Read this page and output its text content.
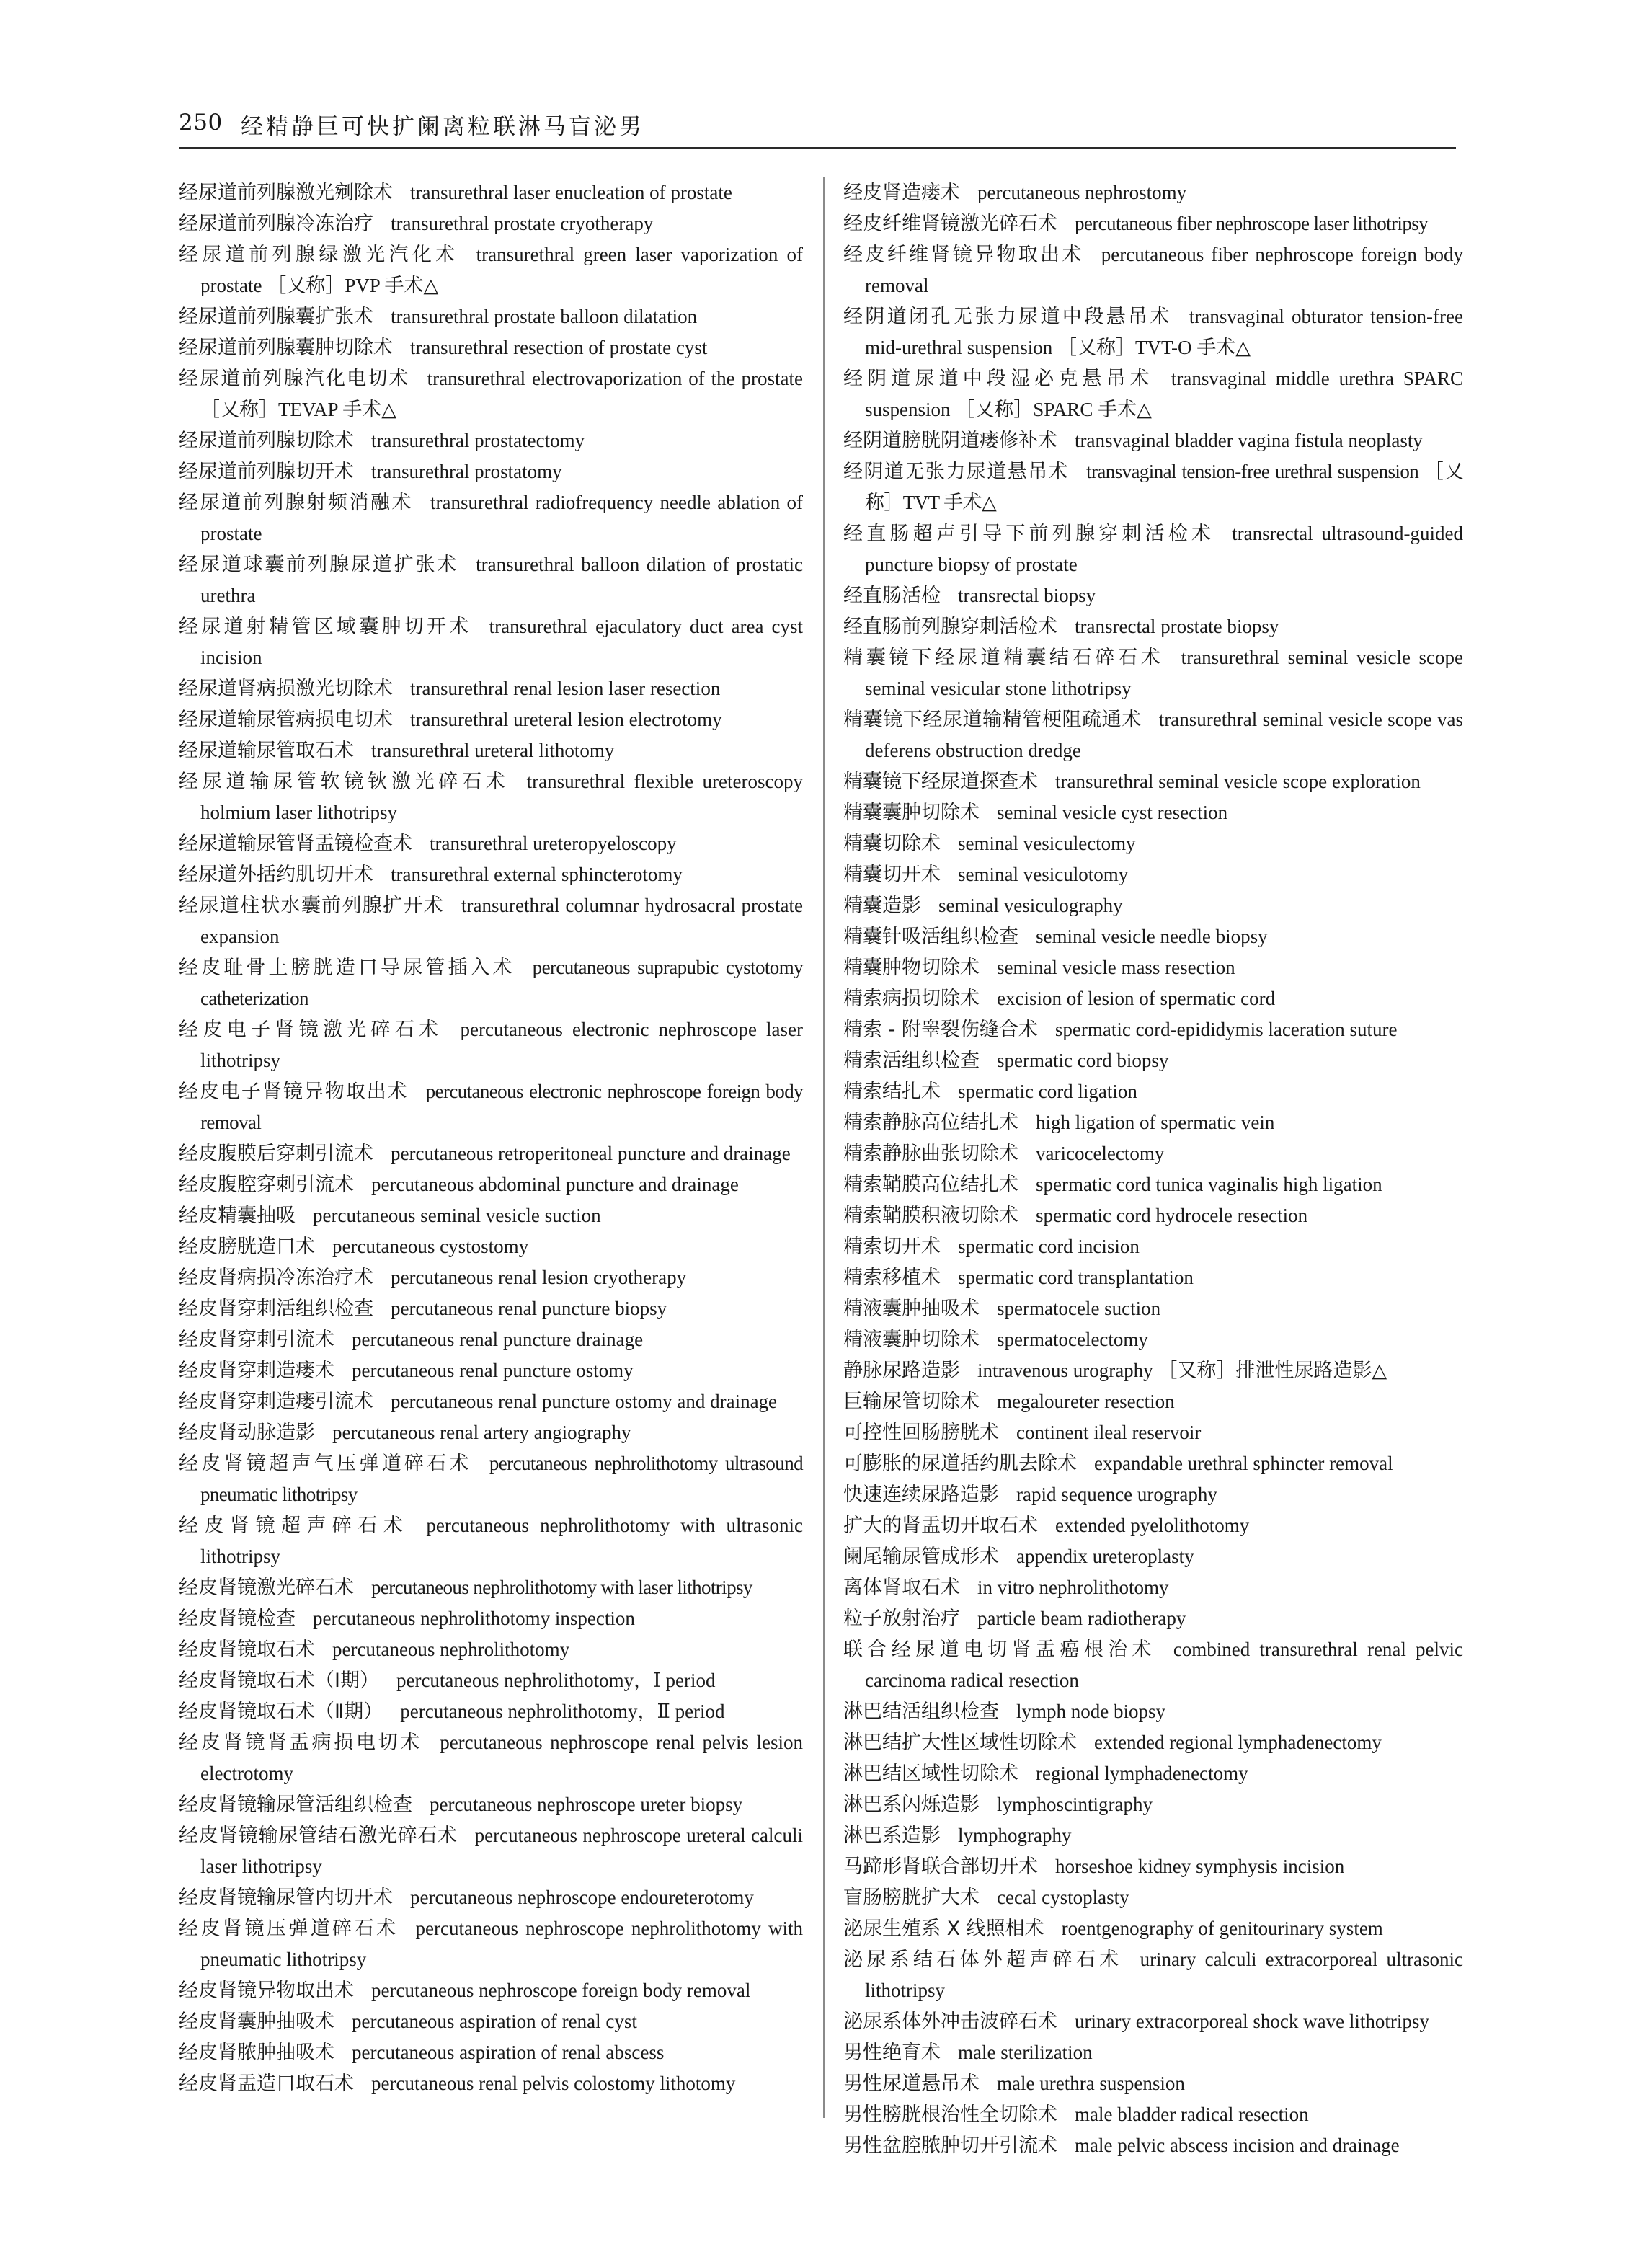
250 经精静巨可快扩阑离粒联淋马盲泌男
经尿道前列腺激光剜除术 transurethral laser enucleation of prostate
经尿道前列腺冷冻治疗 transurethral prostate cryotherapy
经尿道前列腺绿激光汽化术 transurethral green laser vaporization of prostate ［又称］PVP 手术△
经尿道前列腺囊扩张术 transurethral prostate balloon dilatation
经尿道前列腺囊肿切除术 transurethral resection of prostate cyst
经尿道前列腺汽化电切术 transurethral electrovaporization of the prostate ［又称］TEVAP 手术△
经尿道前列腺切除术 transurethral prostatectomy
经尿道前列腺切开术 transurethral prostatomy
经尿道前列腺射频消融术 transurethral radiofrequency needle ablation of prostate
经尿道球囊前列腺尿道扩张术 transurethral balloon dilation of prostatic urethra
经尿道射精管区域囊肿切开术 transurethral ejaculatory duct area cyst incision
经尿道肾病损激光切除术 transurethral renal lesion laser resection
经尿道输尿管病损电切术 transurethral ureteral lesion electrotomy
经尿道输尿管取石术 transurethral ureteral lithotomy
经尿道输尿管软镜钬激光碎石术 transurethral flexible ureteroscopy holmium laser lithotripsy
经尿道输尿管肾盂镜检查术 transurethral ureteropyeloscopy
经尿道外括约肌切开术 transurethral external sphincterotomy
经尿道柱状水囊前列腺扩开术 transurethral columnar hydrosacral prostate expansion
经皮耻骨上膀胱造口导尿管插入术 percutaneous suprapubic cystotomy catheterization
经皮电子肾镜激光碎石术 percutaneous electronic nephroscope laser lithotripsy
经皮电子肾镜异物取出术 percutaneous electronic nephroscope foreign body removal
经皮腹膜后穿刺引流术 percutaneous retroperitoneal puncture and drainage
经皮腹腔穿刺引流术 percutaneous abdominal puncture and drainage
经皮精囊抽吸 percutaneous seminal vesicle suction
经皮膀胱造口术 percutaneous cystostomy
经皮肾病损冷冻治疗术 percutaneous renal lesion cryotherapy
经皮肾穿刺活组织检查 percutaneous renal puncture biopsy
经皮肾穿刺引流术 percutaneous renal puncture drainage
经皮肾穿刺造瘘术 percutaneous renal puncture ostomy
经皮肾穿刺造瘘引流术 percutaneous renal puncture ostomy and drainage
经皮肾动脉造影 percutaneous renal artery angiography
经皮肾镜超声气压弹道碎石术 percutaneous nephrolithotomy ultrasound pneumatic lithotripsy
经皮肾镜超声碎石术 percutaneous nephrolithotomy with ultrasonic lithotripsy
经皮肾镜激光碎石术 percutaneous nephrolithotomy with laser lithotripsy
经皮肾镜检查 percutaneous nephrolithotomy inspection
经皮肾镜取石术 percutaneous nephrolithotomy
经皮肾镜取石术（Ⅰ期） percutaneous nephrolithotomy，Ⅰ period
经皮肾镜取石术（Ⅱ期） percutaneous nephrolithotomy，Ⅱ period
经皮肾镜肾盂病损电切术 percutaneous nephroscope renal pelvis lesion electrotomy
经皮肾镜输尿管活组织检查 percutaneous nephroscope ureter biopsy
经皮肾镜输尿管结石激光碎石术 percutaneous nephroscope ureteral calculi laser lithotripsy
经皮肾镜输尿管内切开术 percutaneous nephroscope endoureterotomy
经皮肾镜压弹道碎石术 percutaneous nephroscope nephrolithotomy with pneumatic lithotripsy
经皮肾镜异物取出术 percutaneous nephroscope foreign body removal
经皮肾囊肿抽吸术 percutaneous aspiration of renal cyst
经皮肾脓肿抽吸术 percutaneous aspiration of renal abscess
经皮肾盂造口取石术 percutaneous renal pelvis colostomy lithotomy
经皮肾造瘘术 percutaneous nephrostomy
经皮纤维肾镜激光碎石术 percutaneous fiber nephroscope laser lithotripsy
经皮纤维肾镜异物取出术 percutaneous fiber nephroscope foreign body removal
经阴道闭孔无张力尿道中段悬吊术 transvaginal obturator tension-free mid-urethral suspension ［又称］TVT-O 手术△
经阴道尿道中段湿必克悬吊术 transvaginal middle urethra SPARC suspension ［又称］SPARC 手术△
经阴道膀胱阴道瘘修补术 transvaginal bladder vagina fistula neoplasty
经阴道无张力尿道悬吊术 transvaginal tension-free urethral suspension ［又称］TVT 手术△
经直肠超声引导下前列腺穿刺活检术 transrectal ultrasound-guided puncture biopsy of prostate
经直肠活检 transrectal biopsy
经直肠前列腺穿刺活检术 transrectal prostate biopsy
精囊镜下经尿道精囊结石碎石术 transurethral seminal vesicle scope seminal vesicular stone lithotripsy
精囊镜下经尿道输精管梗阻疏通术 transurethral seminal vesicle scope vas deferens obstruction dredge
精囊镜下经尿道探查术 transurethral seminal vesicle scope exploration
精囊囊肿切除术 seminal vesicle cyst resection
精囊切除术 seminal vesiculectomy
精囊切开术 seminal vesiculotomy
精囊造影 seminal vesiculography
精囊针吸活组织检查 seminal vesicle needle biopsy
精囊肿物切除术 seminal vesicle mass resection
精索病损切除术 excision of lesion of spermatic cord
精索 - 附睾裂伤缝合术 spermatic cord-epididymis laceration suture
精索活组织检查 spermatic cord biopsy
精索结扎术 spermatic cord ligation
精索静脉高位结扎术 high ligation of spermatic vein
精索静脉曲张切除术 varicocelectomy
精索鞘膜高位结扎术 spermatic cord tunica vaginalis high ligation
精索鞘膜积液切除术 spermatic cord hydrocele resection
精索切开术 spermatic cord incision
精索移植术 spermatic cord transplantation
精液囊肿抽吸术 spermatocele suction
精液囊肿切除术 spermatocelectomy
静脉尿路造影 intravenous urography ［又称］排泄性尿路造影△
巨输尿管切除术 megaloureter resection
可控性回肠膀胱术 continent ileal reservoir
可膨胀的尿道括约肌去除术 expandable urethral sphincter removal
快速连续尿路造影 rapid sequence urography
扩大的肾盂切开取石术 extended pyelolithotomy
阑尾输尿管成形术 appendix ureteroplasty
离体肾取石术 in vitro nephrolithotomy
粒子放射治疗 particle beam radiotherapy
联合经尿道电切肾盂癌根治术 combined transurethral renal pelvic carcinoma radical resection
淋巴结活组织检查 lymph node biopsy
淋巴结扩大性区域性切除术 extended regional lymphadenectomy
淋巴结区域性切除术 regional lymphadenectomy
淋巴系闪烁造影 lymphoscintigraphy
淋巴系造影 lymphography
马蹄形肾联合部切开术 horseshoe kidney symphysis incision
盲肠膀胱扩大术 cecal cystoplasty
泌尿生殖系 X 线照相术 roentgenography of genitourinary system
泌尿系结石体外超声碎石术 urinary calculi extracorporeal ultrasonic lithotripsy
泌尿系体外冲击波碎石术 urinary extracorporeal shock wave lithotripsy
男性绝育术 male sterilization
男性尿道悬吊术 male urethra suspension
男性膀胱根治性全切除术 male bladder radical resection
男性盆腔脓肿切开引流术 male pelvic abscess incision and drainage
